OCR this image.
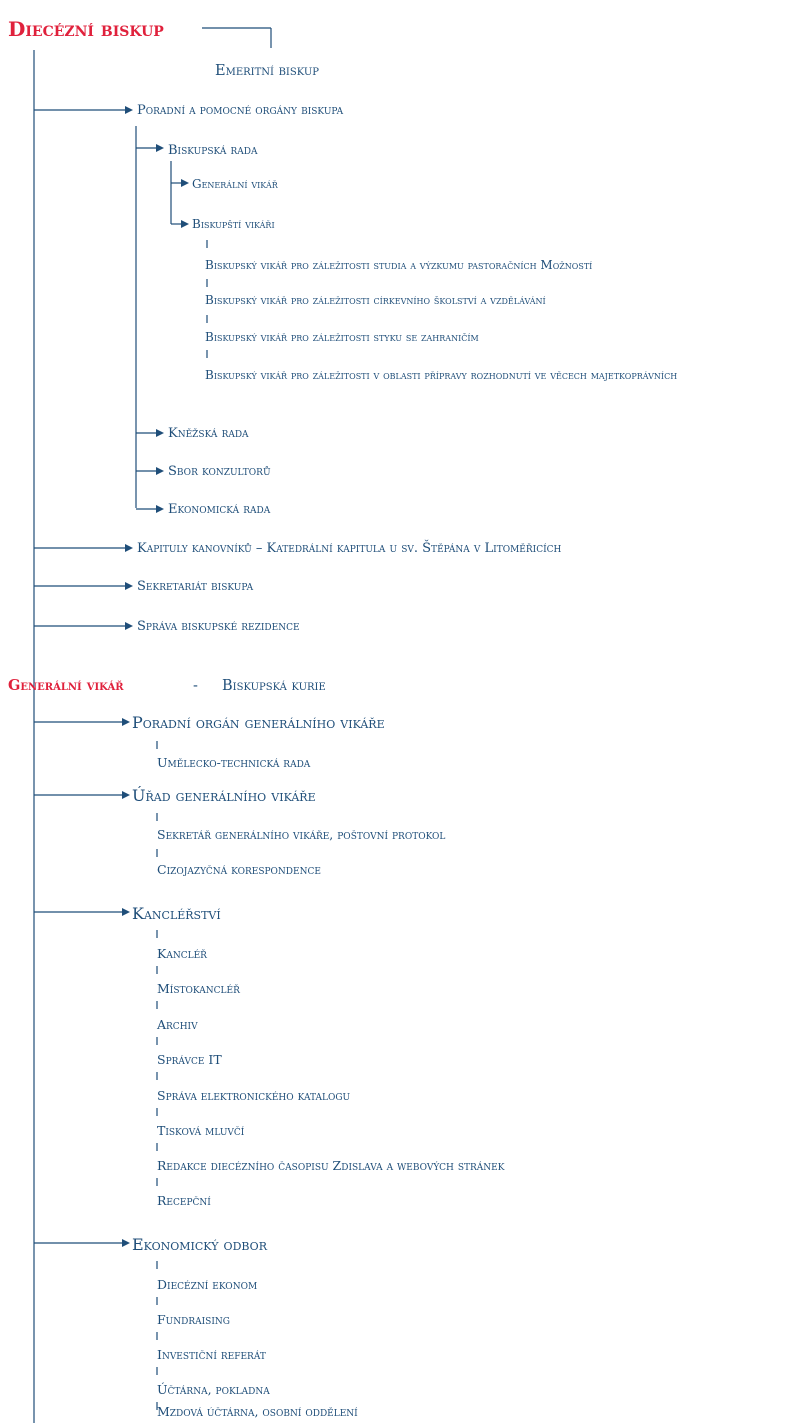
Diecézní biskup
Emeritní biskup
Poradní a pomocné orgány biskupa
Biskupská rada
Generální vikář
Biskupští vikáři
Biskupský vikář pro záležitosti studia a výzkumu pastoračních Možností
Biskupský vikář pro záležitosti církevního školství a vzdělávání
Biskupský vikář pro záležitosti styku se zahraničím
Biskupský vikář pro záležitosti v oblasti přípravy rozhodnutí ve věcech majetkoprávních
Kněžská rada
Sbor konzultorů
Ekonomická rada
Kapituly kanovníků – Katedrální kapitula u sv. Štěpána v Litoměřicích
Sekretariát biskupa
Správa biskupské rezidence
Generální vikář	- Biskupská kurie
Poradní orgán generálního vikáře
Umělecko-technická rada
Úřad generálního vikáře
Sekretář generálního vikáře, poštovní protokol
Cizojazyčná korespondence
Kancléřství
Kancléř
Místokancléř
Archiv
Správce IT
Správa elektronického katalogu
Tisková mluvčí
Redakce diecézního časopisu Zdislava a webových stránek
Recepční
Ekonomický odbor
Diecézní ekonom
Fundraising
Investiční referát
Účtárna, pokladna
Mzdová účtárna, osobní oddělení
